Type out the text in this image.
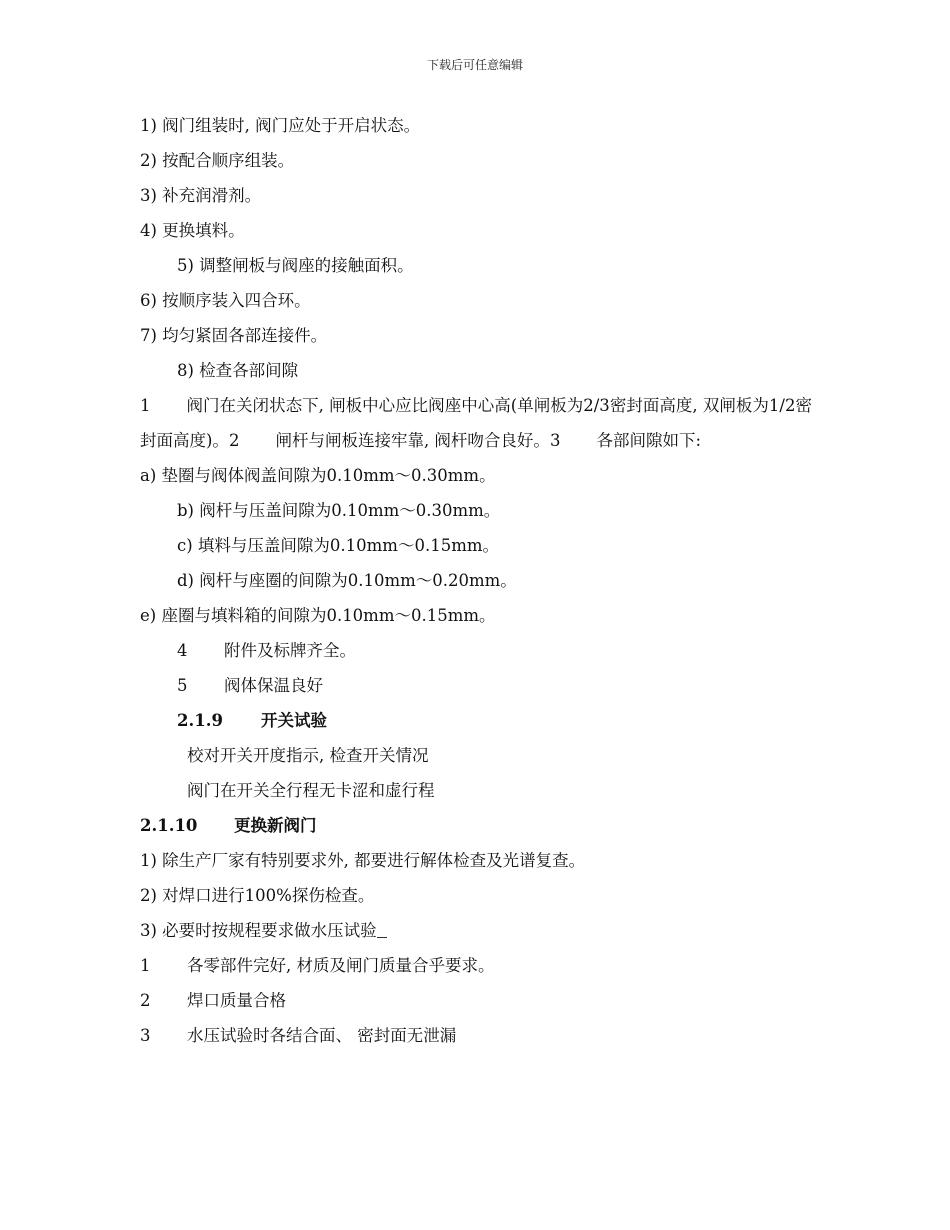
下载后可任意编辑
1) 阀门组装时, 阀门应处于开启状态。
2) 按配合顺序组装。
3) 补充润滑剂。
4) 更换填料。
5) 调整闸板与阀座的接触面积。
6) 按顺序装入四合环。
7) 均匀紧固各部连接件。
8) 检查各部间隙
1 阀门在关闭状态下, 闸板中心应比阀座中心高(单闸板为2/3密封面高度, 双闸板为1/2密封面高度)。2 闸杆与闸板连接牢靠, 阀杆吻合良好。3 各部间隙如下:
a) 垫圈与阀体阀盖间隙为0.10mm～0.30mm。
b) 阀杆与压盖间隙为0.10mm～0.30mm。
c) 填料与压盖间隙为0.10mm～0.15mm。
d) 阀杆与座圈的间隙为0.10mm～0.20mm。
e) 座圈与填料箱的间隙为0.10mm～0.15mm。
4 附件及标牌齐全。
5 阀体保温良好
2.1.9 开关试验
校对开关开度指示, 检查开关情况
阀门在开关全行程无卡涩和虚行程
2.1.10 更换新阀门
1) 除生产厂家有特别要求外, 都要进行解体检查及光谱复查。
2) 对焊口进行100%探伤检查。
3) 必要时按规程要求做水压试验
1 各零部件完好, 材质及闸门质量合乎要求。
2 焊口质量合格
3 水压试验时各结合面、 密封面无泄漏
